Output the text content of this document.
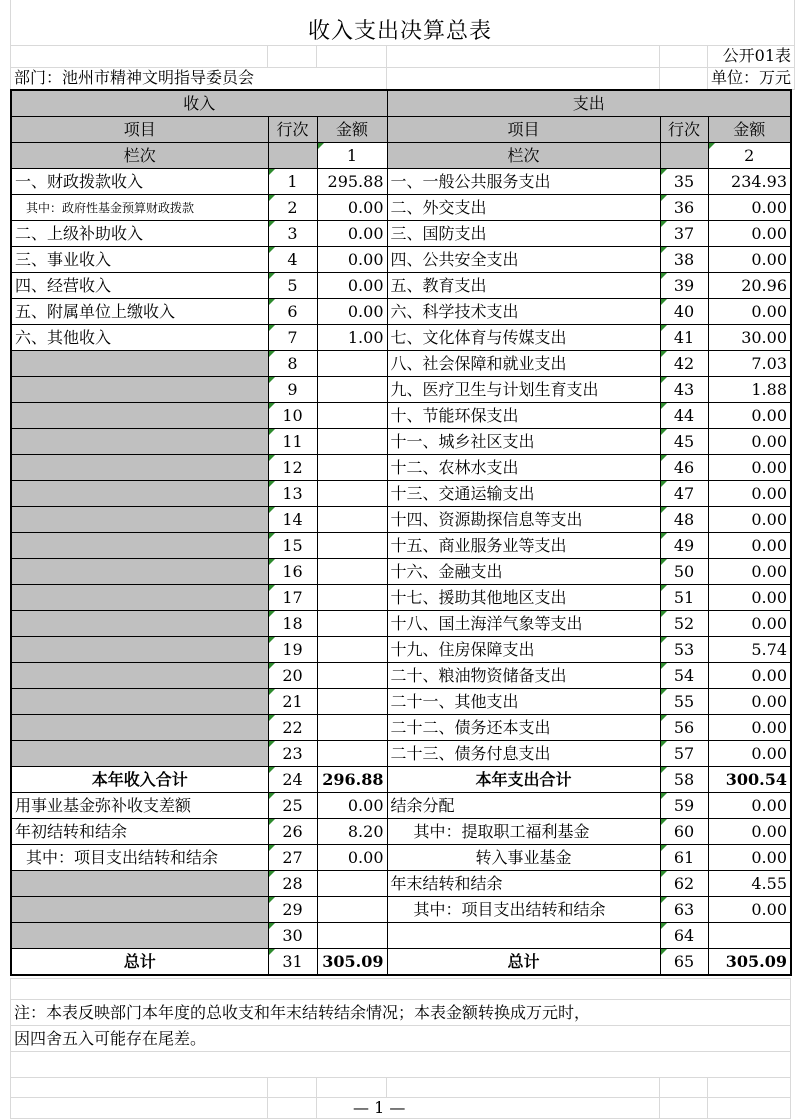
					公开01表
部门：池州市精神文明指导委员会					单位：万元
收入支出决算总表
收入			支出		
项目	行次	金额	项目	行次	金额
栏次		1	栏次		2
一、财政拨款收入	1	295.88	一、一般公共服务支出	35	234.93
其中：政府性基金预算财政拨款	2	0.00	二、外交支出	36	0.00
二、上级补助收入	3	0.00	三、国防支出	37	0.00
三、事业收入	4	0.00	四、公共安全支出	38	0.00
四、经营收入	5	0.00	五、教育支出	39	20.96
五、附属单位上缴收入	6	0.00	六、科学技术支出	40	0.00
六、其他收入	7	1.00	七、文化体育与传媒支出	41	30.00
	8		八、社会保障和就业支出	42	7.03
	9		九、医疗卫生与计划生育支出	43	1.88
	10		十、节能环保支出	44	0.00
	11		十一、城乡社区支出	45	0.00
	12		十二、农林水支出	46	0.00
	13		十三、交通运输支出	47	0.00
	14		十四、资源勘探信息等支出	48	0.00
	15		十五、商业服务业等支出	49	0.00
	16		十六、金融支出	50	0.00
	17		十七、援助其他地区支出	51	0.00
	18		十八、国土海洋气象等支出	52	0.00
	19		十九、住房保障支出	53	5.74
	20		二十、粮油物资储备支出	54	0.00
	21		二十一、其他支出	55	0.00
	22		二十二、债务还本支出	56	0.00
	23		二十三、债务付息支出	57	0.00
本年收入合计	24	296.88	本年支出合计	58	300.54
用事业基金弥补收支差额	25	0.00	结余分配	59	0.00
年初结转和结余	26	8.20	其中：提取职工福利基金	60	0.00
其中：项目支出结转和结余	27	0.00	转入事业基金	61	0.00
	28		年末结转和结余	62	4.55
	29		其中：项目支出结转和结余	63	0.00
	30			64	
总计	31	305.09	总计	65	305.09

注：本表反映部门本年度的总收支和年末结转结余情况；本表金额转换成万元时，					
因四舍五入可能存在尾差。					

		— 1 —			
